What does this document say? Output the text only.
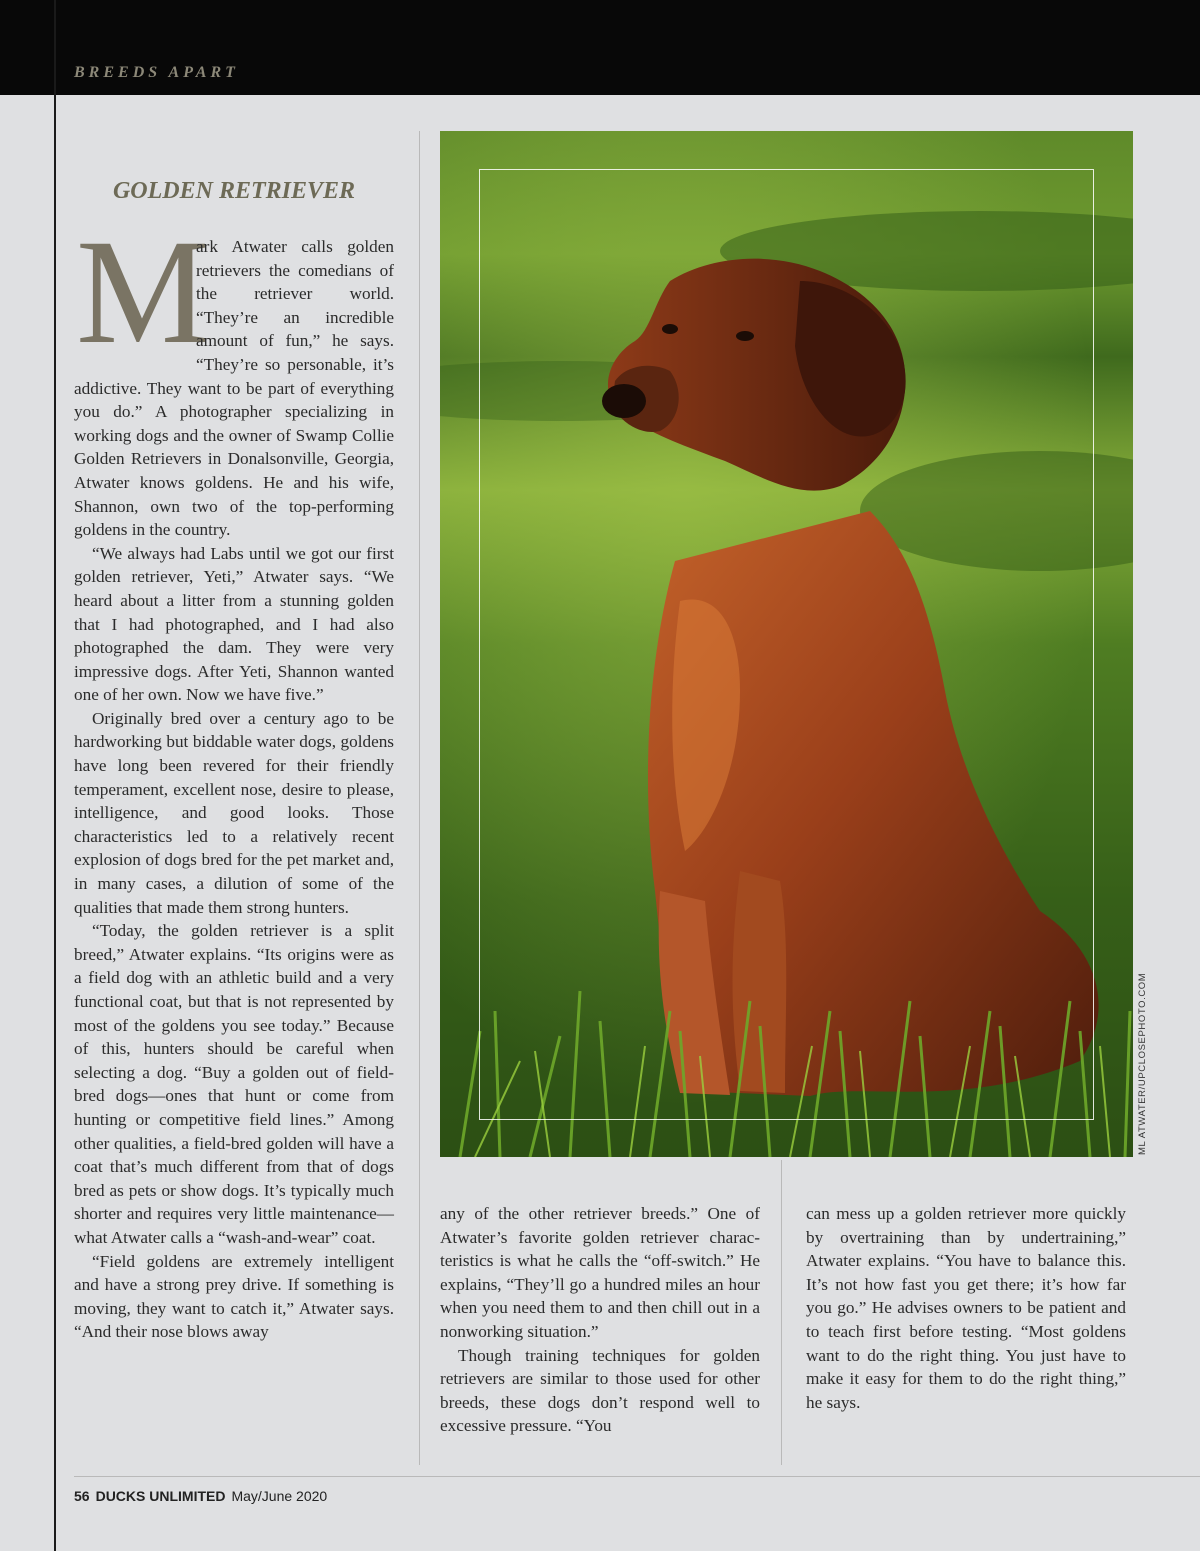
BREEDS APART
GOLDEN RETRIEVER
M

ark Atwater calls golden retrievers the comedians of the retriever world. “They’re an incredible amount of fun,” he says. “They’re so personable, it’s addictive. They want to be part of everything you do.” A photographer specializing in working dogs and the owner of Swamp Collie Golden Retrievers in Donalsonville, Georgia, Atwater knows goldens. He and his wife, Shannon, own two of the top-performing goldens in the country.

“We always had Labs until we got our first golden retriever, Yeti,” Atwater says. “We heard about a litter from a stunning golden that I had photographed, and I had also photographed the dam. They were very impressive dogs. After Yeti, Shannon wanted one of her own. Now we have five.”

Originally bred over a century ago to be hardworking but biddable water dogs, goldens have long been revered for their friendly temperament, excellent nose, desire to please, intelligence, and good looks. Those characteristics led to a relatively recent explosion of dogs bred for the pet market and, in many cases, a dilution of some of the qualities that made them strong hunters.

“Today, the golden retriever is a split breed,” Atwater explains. “Its origins were as a field dog with an athletic build and a very functional coat, but that is not represented by most of the goldens you see today.” Because of this, hunters should be careful when selecting a dog. “Buy a golden out of field-bred dogs—ones that hunt or come from hunting or competitive field lines.” Among other qualities, a field-bred golden will have a coat that’s much different from that of dogs bred as pets or show dogs. It’s typically much shorter and requires very little maintenance—what Atwater calls a “wash-and-wear” coat.

“Field goldens are extremely intelligent and have a strong prey drive. If something is moving, they want to catch it,” Atwater says. “And their nose blows away

ML ATWATER/UPCLOSEPHOTO.COM

any of the other retriever breeds.” One of Atwater’s favorite golden retriever characteristics is what he calls the “off-switch.” He explains, “They’ll go a hundred miles an hour when you need them to and then chill out in a nonworking situation.”

Though training techniques for golden retrievers are similar to those used for other breeds, these dogs don’t respond well to excessive pressure. “You

can mess up a golden retriever more quickly by overtraining than by undertraining,” Atwater explains. “You have to balance this. It’s not how fast you get there; it’s how far you go.” He advises owners to be patient and to teach first before testing. “Most goldens want to do the right thing. You just have to make it easy for them to do the right thing,” he says.

56 DUCKS UNLIMITED May/June 2020
